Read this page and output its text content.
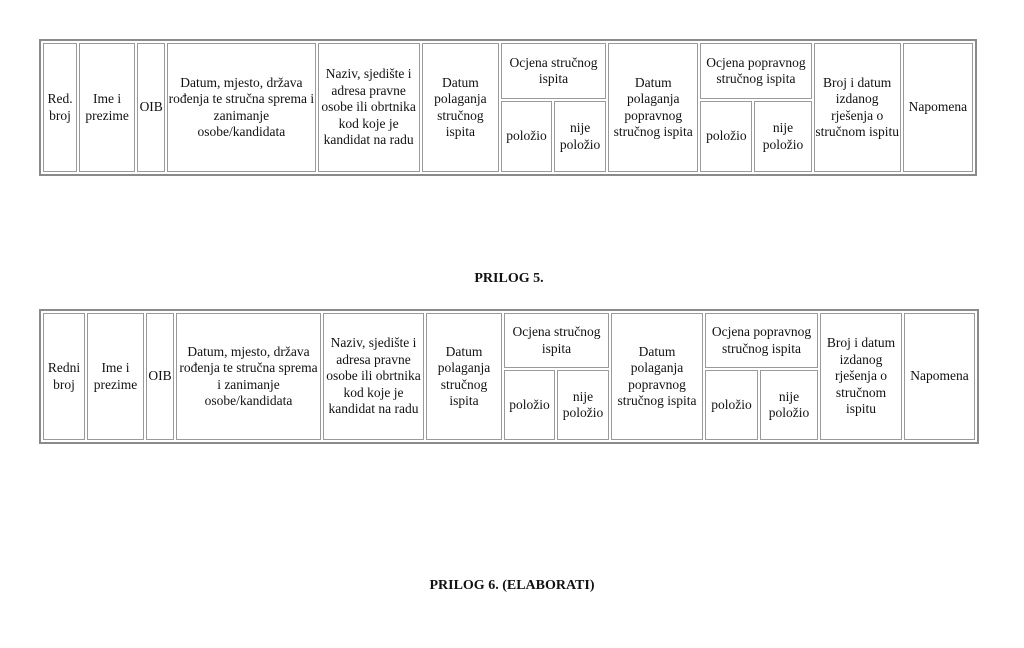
Red. broj	Ime i prezime	OIB	Datum, mjesto, država rođenja te stručna sprema i zanimanje osobe/kandidata	Naziv, sjedište i adresa pravne osobe ili obrtnika kod koje je kandidat na radu	Datum polaganja stručnog ispita	Ocjena stručnog ispita		Datum polaganja popravnog stručnog ispita	Ocjena popravnog stručnog ispita		Broj i datum izdanog rješenja o stručnom ispitu	Napomena
						položio	nije položio		položio	nije položio		
PRILOG 5.
Redni broj	Ime i prezime	OIB	Datum, mjesto, država rođenja te stručna sprema i zanimanje osobe/kandidata	Naziv, sjedište i adresa pravne osobe ili obrtnika kod koje je kandidat na radu	Datum polaganja stručnog ispita	Ocjena stručnog ispita		Datum polaganja popravnog stručnog ispita	Ocjena popravnog stručnog ispita		Broj i datum izdanog rješenja o stručnom ispitu	Napomena
						položio	nije položio		položio	nije položio		
PRILOG 6. (ELABORATI)
